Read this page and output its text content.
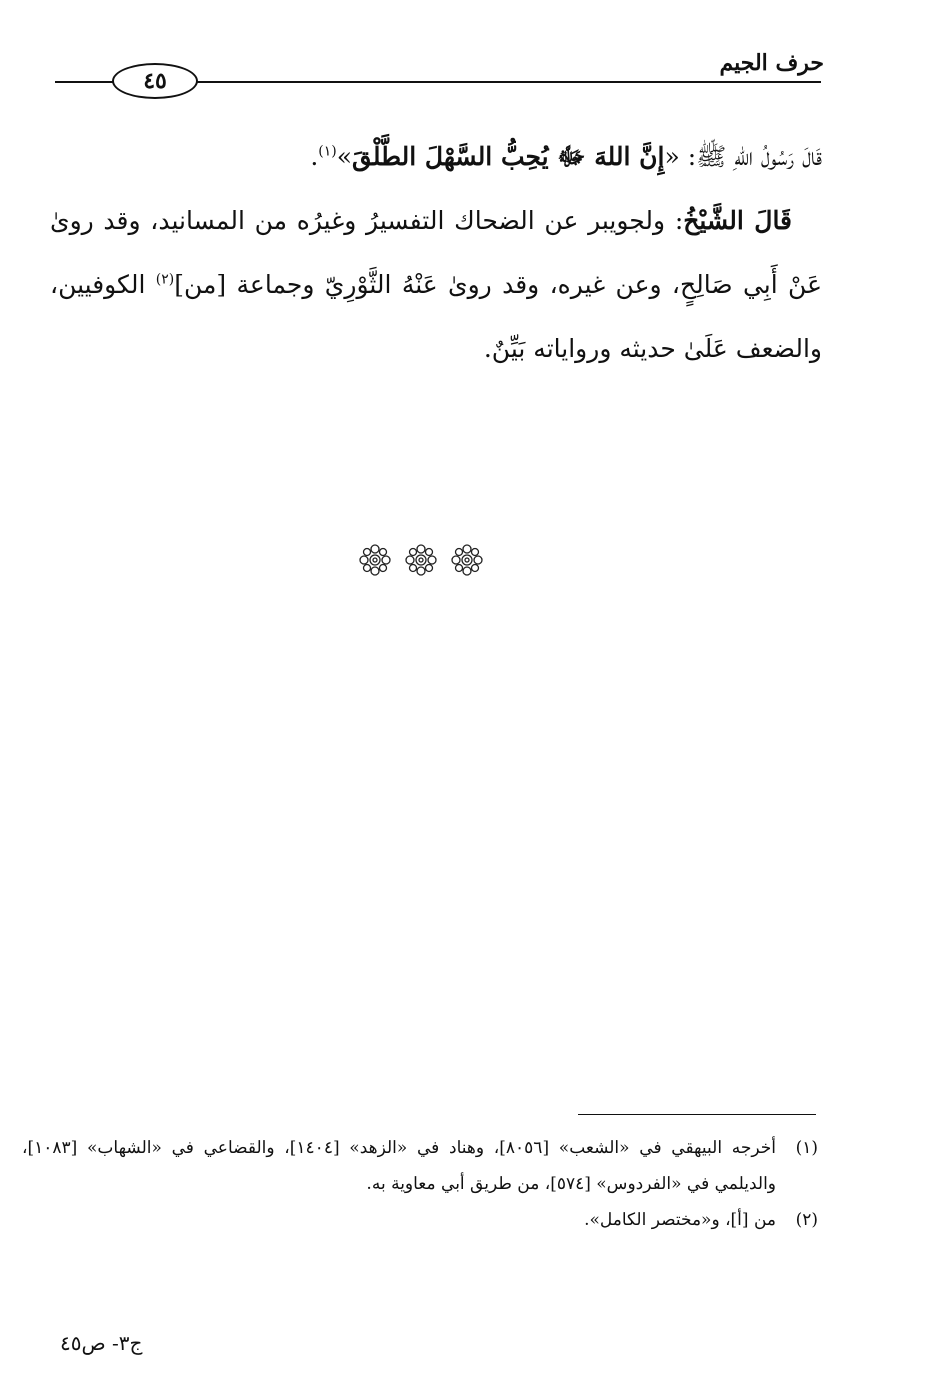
حرف الجيم
٤٥

قَالَ رَسُولُ اللهِ ﷺ: «إِنَّ اللهَ ﷻ يُحِبُّ السَّهْلَ الطَّلْقَ»$^{(١)}$.

قَالَ الشَّيْخُ: ولجويبر عن الضحاك التفسيرُ وغيرُه من المسانيد، وقد روىٰ عَنْ أَبِي صَالِحٍ، وعن غيره، وقد روىٰ عَنْهُ الثَّوْرِيّ وجماعة [من]$^{(٢)}$ الكوفيين، والضعف عَلَىٰ حديثه ورواياته بَيِّنٌ.

(١)أخرجه البيهقي في «الشعب» [٨٠٥٦]، وهناد في «الزهد» [١٤٠٤]، والقضاعي في «الشهاب» [١٠٨٣]، والديلمي في «الفردوس» [٥٧٤]، من طريق أبي معاوية به.

(٢)من [أ]، و«مختصر الكامل».

ج٣- ص٤٥
